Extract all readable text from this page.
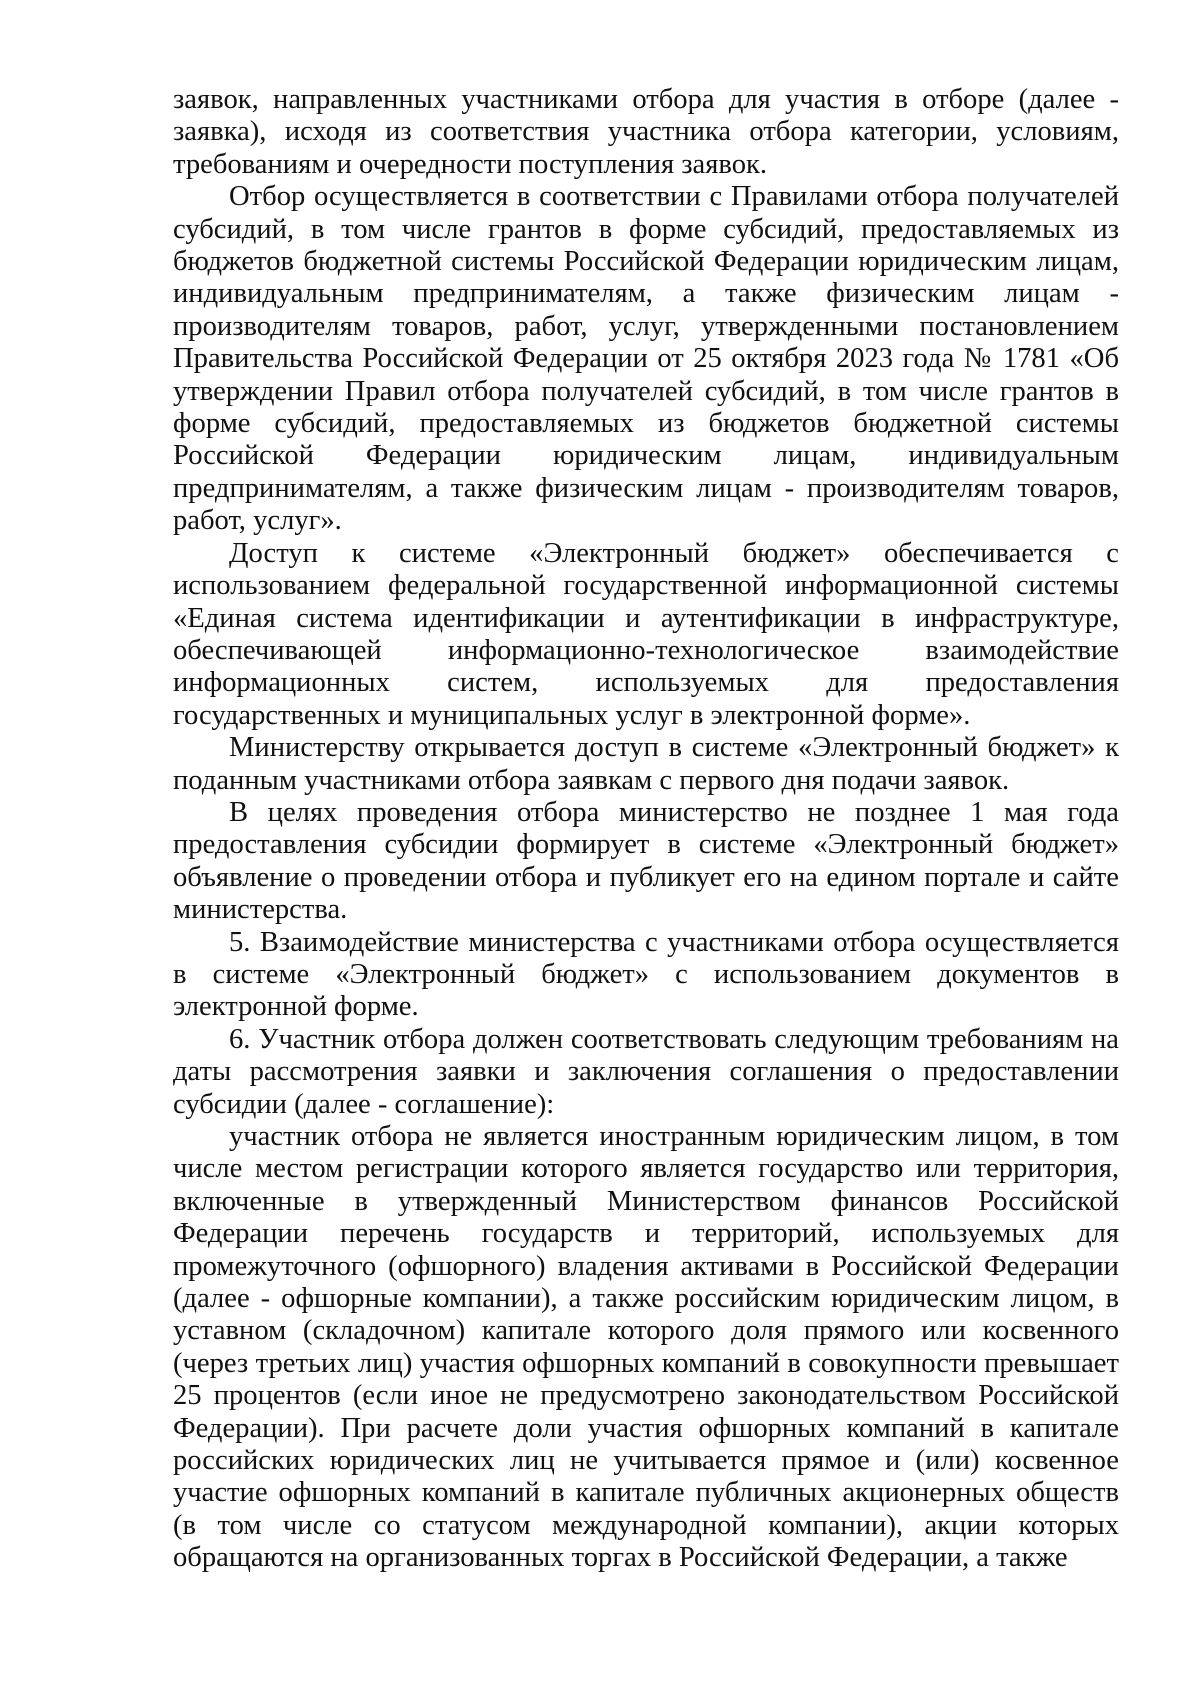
заявок, направленных участниками отбора для участия в отборе (далее - заявка), исходя из соответствия участника отбора категории, условиям, требованиям и очередности поступления заявок.

Отбор осуществляется в соответствии с Правилами отбора получателей субсидий, в том числе грантов в форме субсидий, предоставляемых из бюджетов бюджетной системы Российской Федерации юридическим лицам, индивидуальным предпринимателям, а также физическим лицам - производителям товаров, работ, услуг, утвержденными постановлением Правительства Российской Федерации от 25 октября 2023 года № 1781 «Об утверждении Правил отбора получателей субсидий, в том числе грантов в форме субсидий, предоставляемых из бюджетов бюджетной системы Российской Федерации юридическим лицам, индивидуальным предпринимателям, а также физическим лицам - производителям товаров, работ, услуг».

Доступ к системе «Электронный бюджет» обеспечивается с использованием федеральной государственной информационной системы «Единая система идентификации и аутентификации в инфраструктуре, обеспечивающей информационно-технологическое взаимодействие информационных систем, используемых для предоставления государственных и муниципальных услуг в электронной форме».

Министерству открывается доступ в системе «Электронный бюджет» к поданным участниками отбора заявкам с первого дня подачи заявок.

В целях проведения отбора министерство не позднее 1 мая года предоставления субсидии формирует в системе «Электронный бюджет» объявление о проведении отбора и публикует его на едином портале и сайте министерства.

5. Взаимодействие министерства с участниками отбора осуществляется в системе «Электронный бюджет» с использованием документов в электронной форме.

6. Участник отбора должен соответствовать следующим требованиям на даты рассмотрения заявки и заключения соглашения о предоставлении субсидии (далее - соглашение):

участник отбора не является иностранным юридическим лицом, в том числе местом регистрации которого является государство или территория, включенные в утвержденный Министерством финансов Российской Федерации перечень государств и территорий, используемых для промежуточного (офшорного) владения активами в Российской Федерации (далее - офшорные компании), а также российским юридическим лицом, в уставном (складочном) капитале которого доля прямого или косвенного (через третьих лиц) участия офшорных компаний в совокупности превышает 25 процентов (если иное не предусмотрено законодательством Российской Федерации). При расчете доли участия офшорных компаний в капитале российских юридических лиц не учитывается прямое и (или) косвенное участие офшорных компаний в капитале публичных акционерных обществ (в том числе со статусом международной компании), акции которых обращаются на организованных торгах в Российской Федерации, а также
